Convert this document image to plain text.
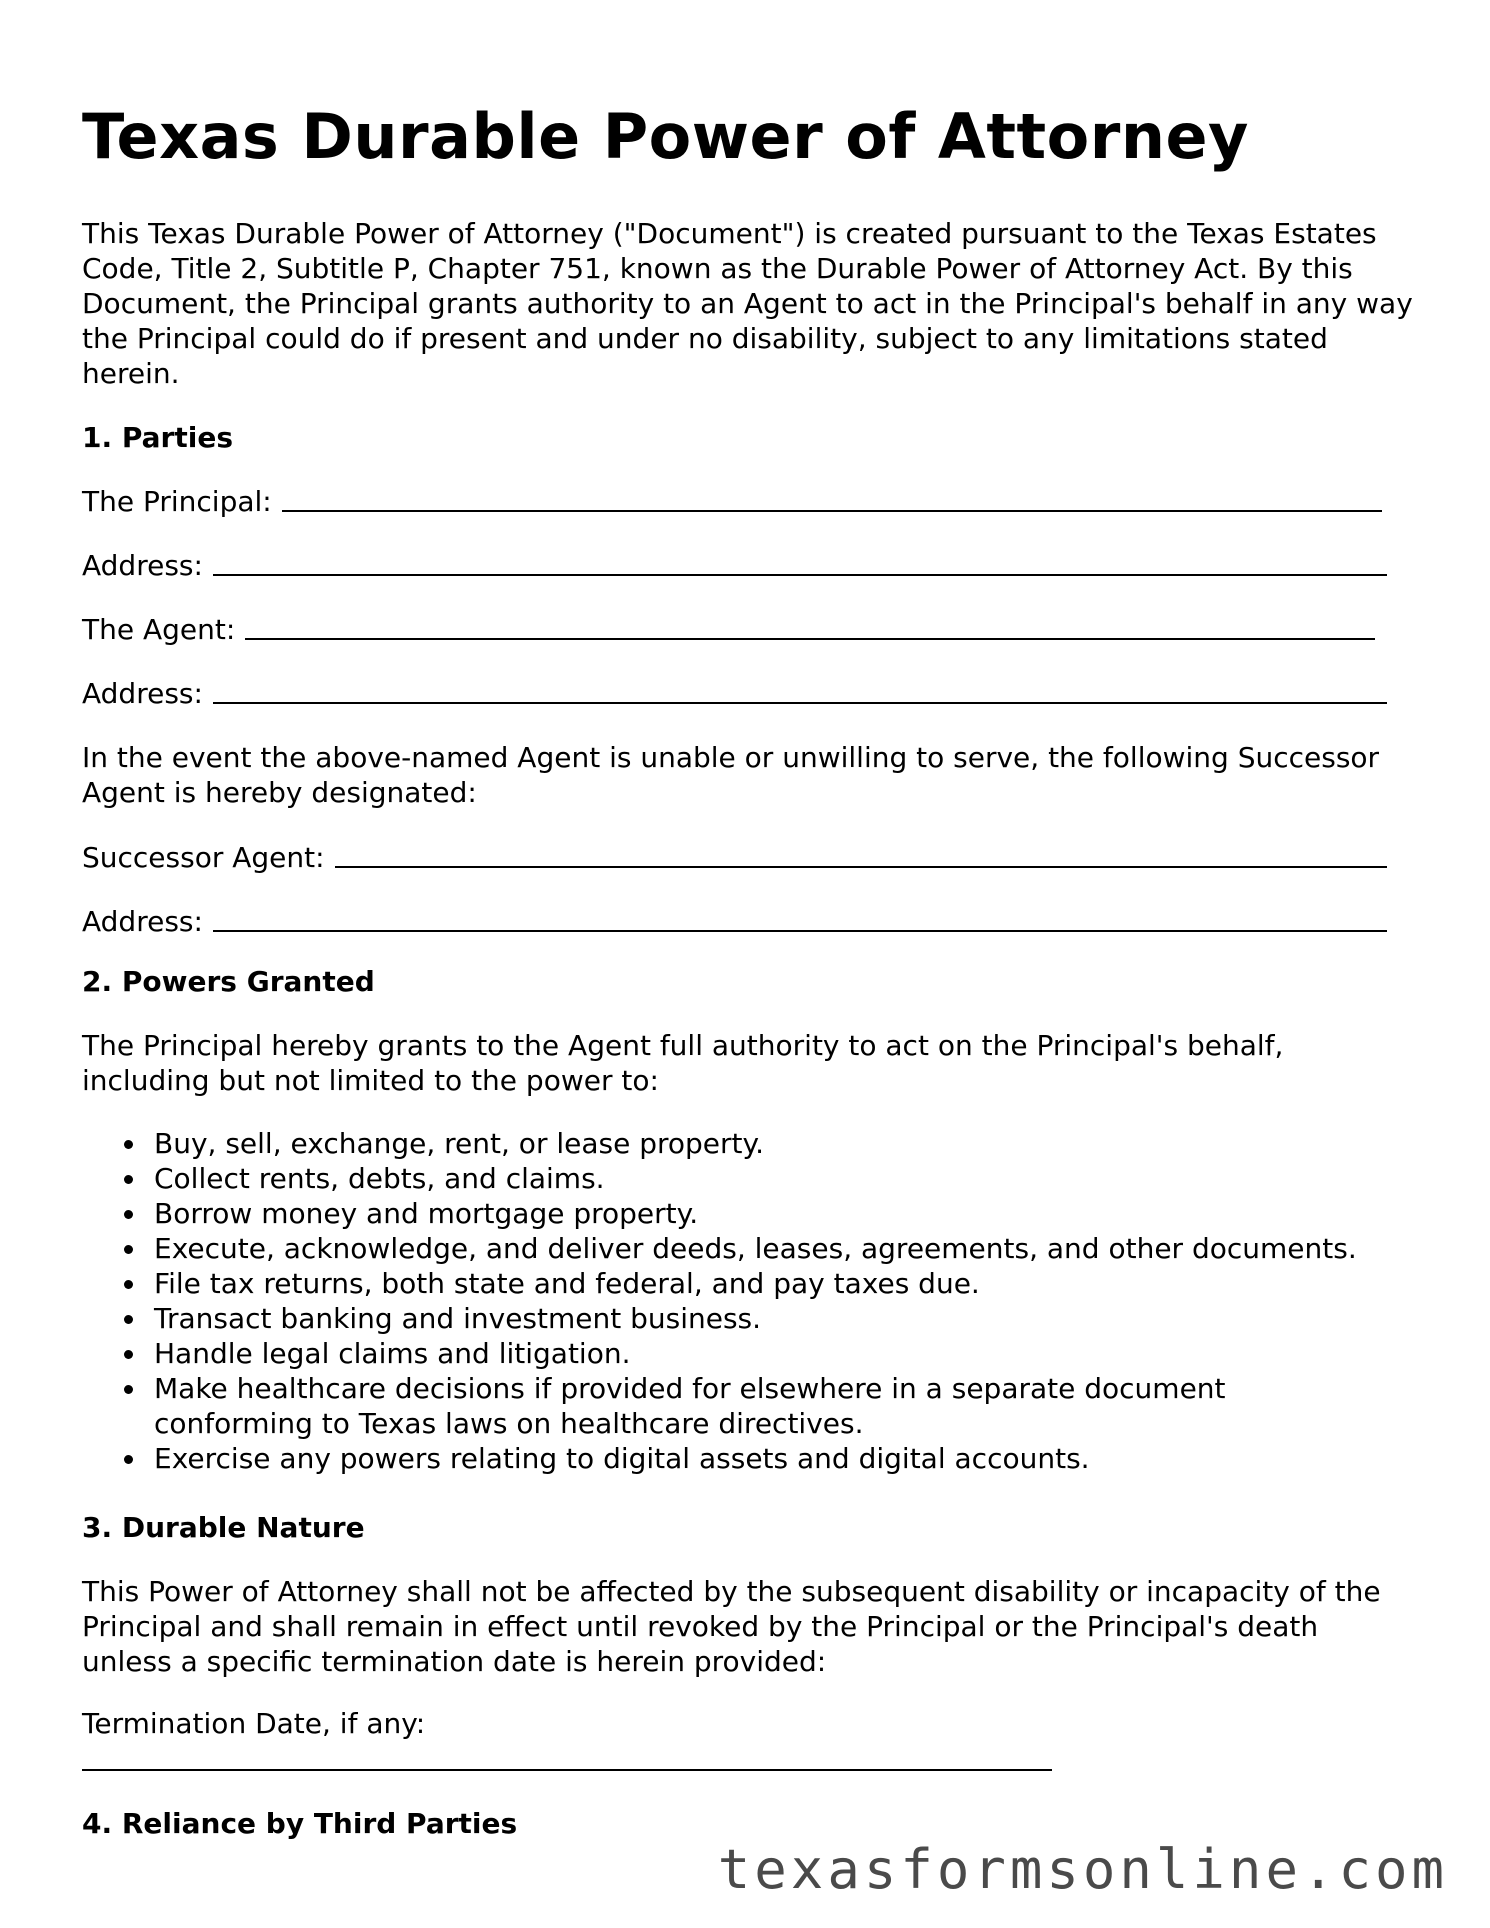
Texas Durable Power of Attorney

This Texas Durable Power of Attorney ("Document") is created pursuant to the Texas Estates Code, Title 2, Subtitle P, Chapter 751, known as the Durable Power of Attorney Act. By this Document, the Principal grants authority to an Agent to act in the Principal's behalf in any way the Principal could do if present and under no disability, subject to any limitations stated herein.

1. Parties
The Principal:
Address:
The Agent:
Address:

In the event the above-named Agent is unable or unwilling to serve, the following Successor Agent is hereby designated:

Successor Agent:
Address:
2. Powers Granted

The Principal hereby grants to the Agent full authority to act on the Principal's behalf, including but not limited to the power to:

Buy, sell, exchange, rent, or lease property.
Collect rents, debts, and claims.
Borrow money and mortgage property.
Execute, acknowledge, and deliver deeds, leases, agreements, and other documents.
File tax returns, both state and federal, and pay taxes due.
Transact banking and investment business.
Handle legal claims and litigation.
Make healthcare decisions if provided for elsewhere in a separate document conforming to Texas laws on healthcare directives.
Exercise any powers relating to digital assets and digital accounts.
3. Durable Nature

This Power of Attorney shall not be affected by the subsequent disability or incapacity of the Principal and shall remain in effect until revoked by the Principal or the Principal's death unless a specific termination date is herein provided:

Termination Date, if any:
4. Reliance by Third Parties
texasformsonline.com
